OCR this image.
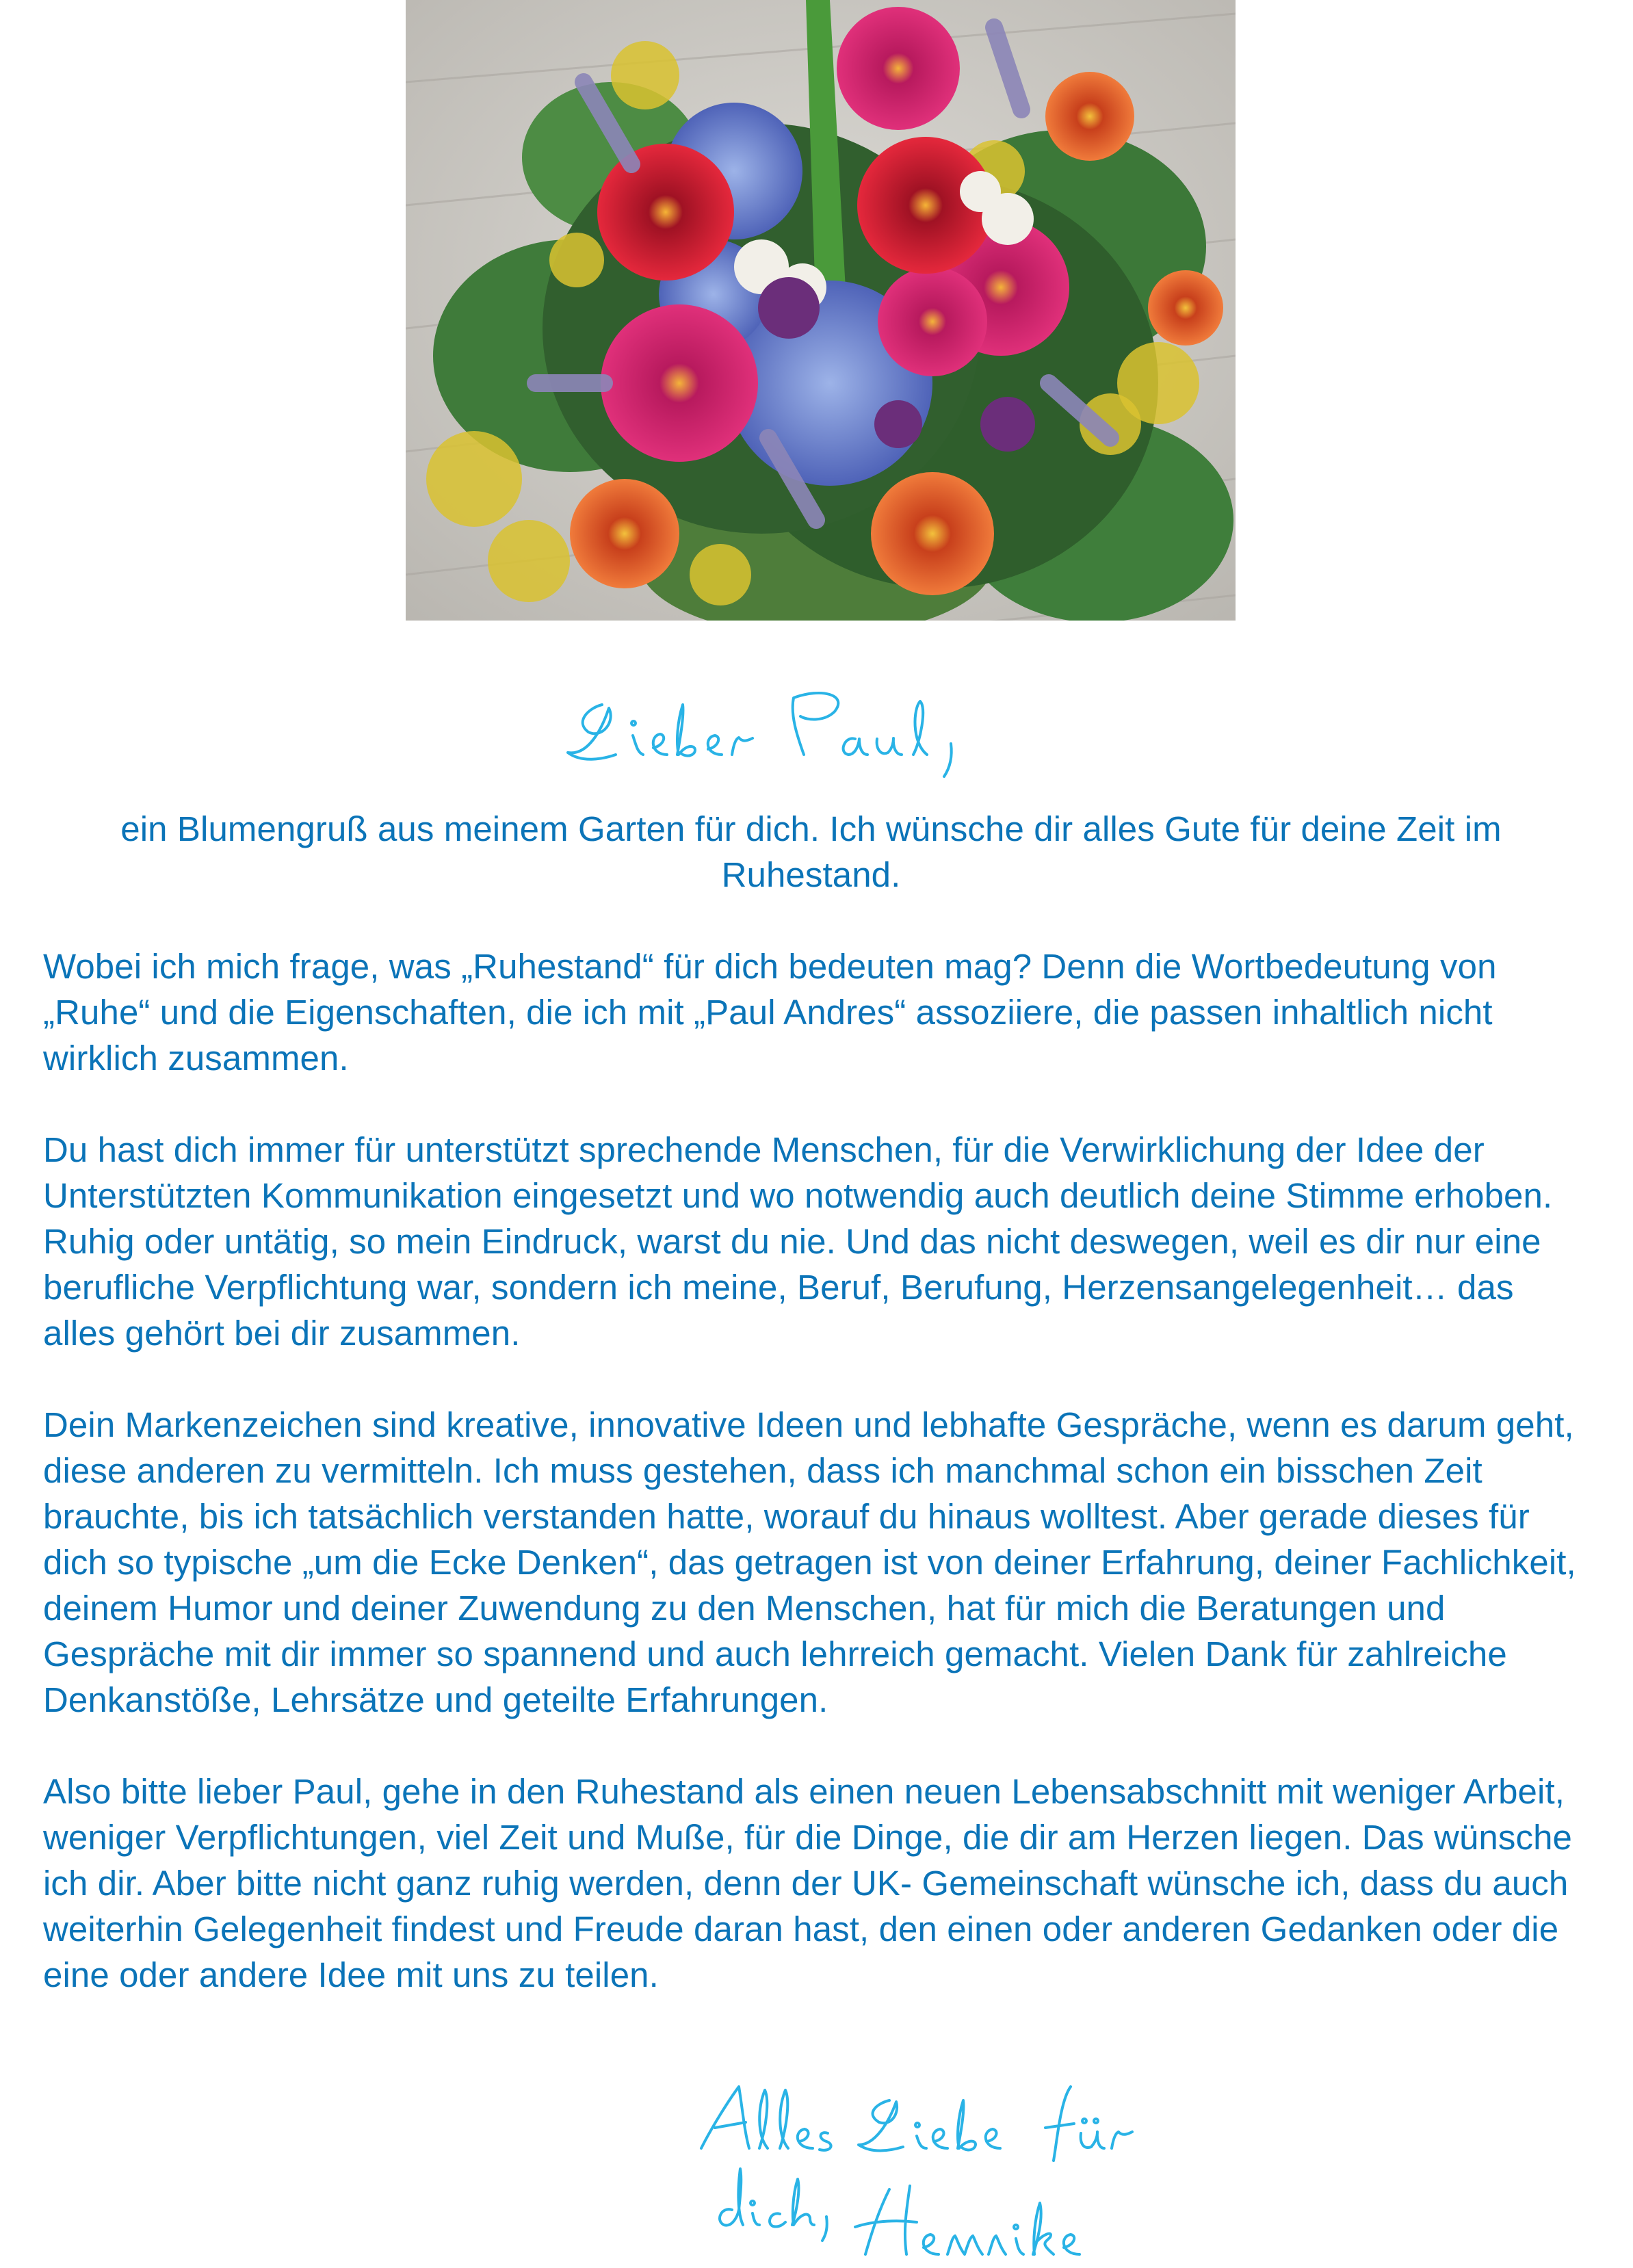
ein Blumengruß aus meinem Garten für dich. Ich wünsche dir alles Gute für deine Zeit im Ruhestand.

Wobei ich mich frage, was „Ruhestand“ für dich bedeuten mag? Denn die Wortbedeutung von „Ruhe“ und die Eigenschaften, die ich mit „Paul Andres“ assoziiere, die passen inhaltlich nicht wirklich zusammen.

Du hast dich immer für unterstützt sprechende Menschen, für die Verwirklichung der Idee der Unterstützten Kommunikation eingesetzt und wo notwendig auch deutlich deine Stimme erhoben. Ruhig oder untätig, so mein Eindruck, warst du nie. Und das nicht deswegen, weil es dir nur eine berufliche Verpflichtung war, sondern ich meine, Beruf, Berufung, Herzensangelegenheit… das alles gehört bei dir zusammen.

Dein Markenzeichen sind kreative, innovative Ideen und lebhafte Gespräche, wenn es darum geht, diese anderen zu vermitteln. Ich muss gestehen, dass ich manchmal schon ein bisschen Zeit brauchte, bis ich tatsächlich verstanden hatte, worauf du hinaus wolltest. Aber gerade dieses für dich so typische „um die Ecke Denken“, das getragen ist von deiner Erfahrung, deiner Fachlichkeit, deinem Humor und deiner Zuwendung zu den Menschen, hat für mich die Beratungen und Gespräche mit dir immer so spannend und auch lehrreich gemacht. Vielen Dank für zahlreiche Denkanstöße, Lehrsätze und geteilte Erfahrungen.

Also bitte lieber Paul, gehe in den Ruhestand als einen neuen Lebensabschnitt mit weniger Arbeit, weniger Verpflichtungen, viel Zeit und Muße, für die Dinge, die dir am Herzen liegen. Das wünsche ich dir. Aber bitte nicht ganz ruhig werden, denn der UK- Gemeinschaft wünsche ich, dass du auch weiterhin Gelegenheit findest und Freude daran hast, den einen oder anderen Gedanken oder die eine oder andere Idee mit uns zu teilen.
